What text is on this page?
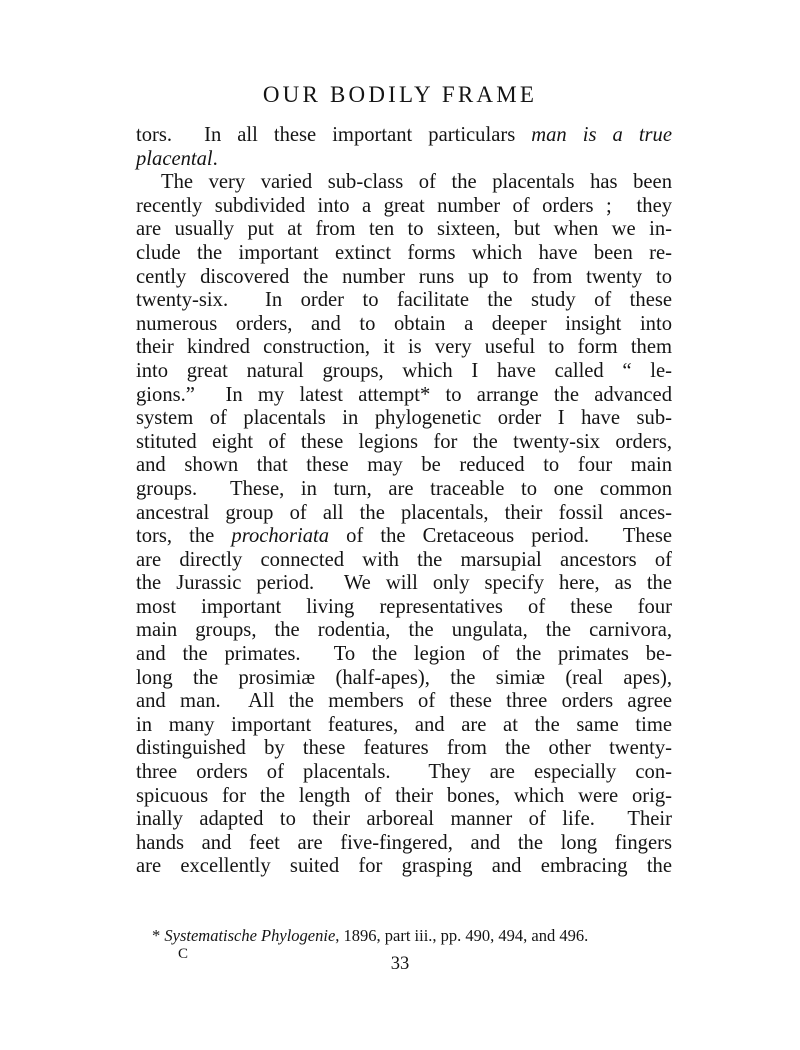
OUR BODILY FRAME
tors.  In all these important particulars man is a true
placental.
The very varied sub-class of the placentals has been
recently subdivided into a great number of orders ;  they
are usually put at from ten to sixteen, but when we in-
clude the important extinct forms which have been re-
cently discovered the number runs up to from twenty to
twenty-six.  In order to facilitate the study of these
numerous orders, and to obtain a deeper insight into
their kindred construction, it is very useful to form them
into great natural groups, which I have called “ le-
gions.”  In my latest attempt* to arrange the advanced
system of placentals in phylogenetic order I have sub-
stituted eight of these legions for the twenty-six orders,
and shown that these may be reduced to four main
groups.  These, in turn, are traceable to one common
ancestral group of all the placentals, their fossil ances-
tors, the prochoriata of the Cretaceous period.  These
are directly connected with the marsupial ancestors of
the Jurassic period.  We will only specify here, as the
most important living representatives of these four
main groups, the rodentia, the ungulata, the carnivora,
and the primates.  To the legion of the primates be-
long the prosimiæ (half-apes), the simiæ (real apes),
and man.  All the members of these three orders agree
in many important features, and are at the same time
distinguished by these features from the other twenty-
three orders of placentals.  They are especially con-
spicuous for the length of their bones, which were orig-
inally adapted to their arboreal manner of life.  Their
hands and feet are five-fingered, and the long fingers
are excellently suited for grasping and embracing the
* Systematische Phylogenie, 1896, part iii., pp. 490, 494, and 496.
C	33
